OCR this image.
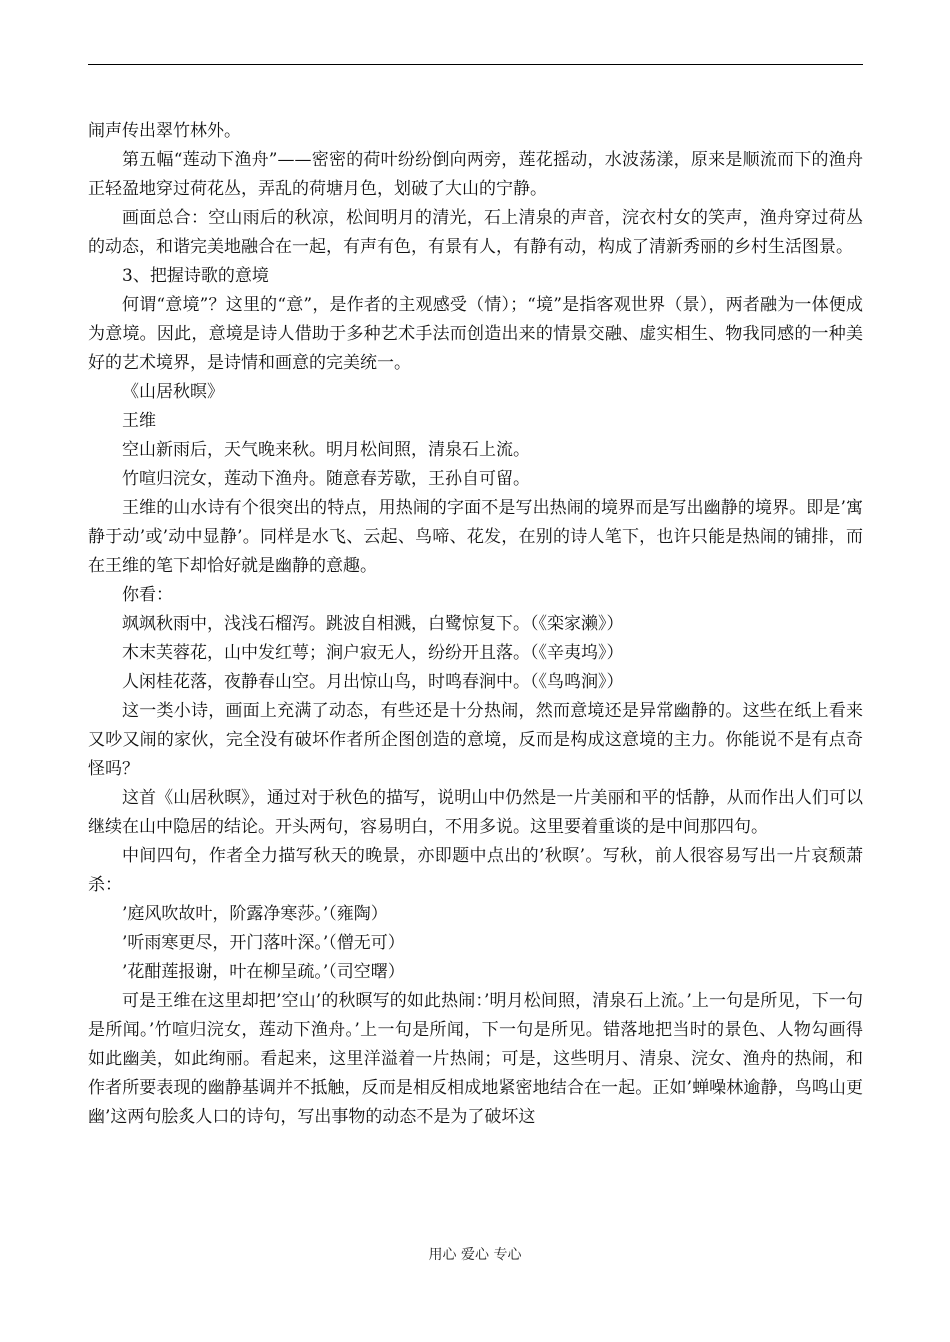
闹声传出翠竹林外。

第五幅“莲动下渔舟”——密密的荷叶纷纷倒向两旁，莲花摇动，水波荡漾，原来是顺流而下的渔舟正轻盈地穿过荷花丛，弄乱的荷塘月色，划破了大山的宁静。

画面总合：空山雨后的秋凉，松间明月的清光，石上清泉的声音，浣衣村女的笑声，渔舟穿过荷丛的动态，和谐完美地融合在一起，有声有色，有景有人，有静有动，构成了清新秀丽的乡村生活图景。

3、把握诗歌的意境

何谓“意境”？这里的“意”，是作者的主观感受（情）；“境”是指客观世界（景），两者融为一体便成为意境。因此，意境是诗人借助于多种艺术手法而创造出来的情景交融、虚实相生、物我同感的一种美好的艺术境界，是诗情和画意的完美统一。

《山居秋暝》

王维

空山新雨后，天气晚来秋。明月松间照，清泉石上流。

竹喧归浣女，莲动下渔舟。随意春芳歇，王孙自可留。

王维的山水诗有个很突出的特点，用热闹的字面不是写出热闹的境界而是写出幽静的境界。即是’寓静于动’或’动中显静’。同样是水飞、云起、鸟啼、花发，在别的诗人笔下，也许只能是热闹的铺排，而在王维的笔下却恰好就是幽静的意趣。

你看：

飒飒秋雨中，浅浅石榴泻。跳波自相溅，白鹭惊复下。（《栾家濑》）

木末芙蓉花，山中发红萼；涧户寂无人，纷纷开且落。（《辛夷坞》）

人闲桂花落，夜静春山空。月出惊山鸟，时鸣春涧中。（《鸟鸣涧》）

这一类小诗，画面上充满了动态，有些还是十分热闹，然而意境还是异常幽静的。这些在纸上看来又吵又闹的家伙，完全没有破坏作者所企图创造的意境，反而是构成这意境的主力。你能说不是有点奇怪吗？

这首《山居秋暝》，通过对于秋色的描写，说明山中仍然是一片美丽和平的恬静，从而作出人们可以继续在山中隐居的结论。开头两句，容易明白，不用多说。这里要着重谈的是中间那四句。

中间四句，作者全力描写秋天的晚景，亦即题中点出的’秋暝’。写秋，前人很容易写出一片哀颓萧杀：

’庭风吹故叶，阶露净寒莎。’（雍陶）

’听雨寒更尽，开门落叶深。’（僧无可）

’花酣莲报谢，叶在柳呈疏。’（司空曙）

可是王维在这里却把’空山’的秋暝写的如此热闹：’明月松间照，清泉石上流。’上一句是所见，下一句是所闻。’竹喧归浣女，莲动下渔舟。’上一句是所闻，下一句是所见。错落地把当时的景色、人物勾画得如此幽美，如此绚丽。看起来，这里洋溢着一片热闹；可是，这些明月、清泉、浣女、渔舟的热闹，和作者所要表现的幽静基调并不抵触，反而是相反相成地紧密地结合在一起。正如’蝉噪林逾静，鸟鸣山更幽’这两句脍炙人口的诗句，写出事物的动态不是为了破坏这

用心 爱心 专心
